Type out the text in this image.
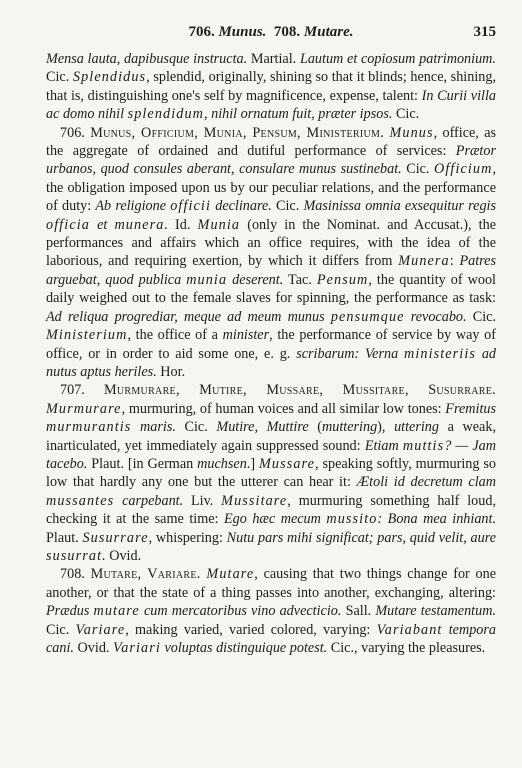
706. Munus. 708. Mutare.	315

Mensa lauta, dapibusque instructa. Martial. Lautum et copiosum patrimonium. Cic. Splendidus, splendid, originally, shining so that it blinds; hence, shining, that is, distinguishing one's self by magnificence, expense, talent: In Curii villa ac domo nihil splendidum, nihil ornatum fuit, præter ipsos. Cic.

706. Munus, Officium, Munia, Pensum, Ministerium. Munus, office, as the aggregate of ordained and dutiful performance of services: Prætor urbanos, quod consules aberant, consulare munus sustinebat. Cic. Officium, the obligation imposed upon us by our peculiar relations, and the performance of duty: Ab religione officii declinare. Cic. Masinissa omnia exsequitur regis officia et munera. Id. Munia (only in the Nominat. and Accusat.), the performances and affairs which an office requires, with the idea of the laborious, and requiring exertion, by which it differs from Munera: Patres arguebat, quod publica munia deserent. Tac. Pensum, the quantity of wool daily weighed out to the female slaves for spinning, the performance as task: Ad reliqua progrediar, meque ad meum munus pensumque revocabo. Cic. Ministerium, the office of a minister, the performance of service by way of office, or in order to aid some one, e. g. scribarum: Verna ministeriis ad nutus aptus heriles. Hor.

707. Murmurare, Mutire, Mussare, Mussitare, Susurrare. Murmurare, murmuring, of human voices and all similar low tones: Fremitus murmurantis maris. Cic. Mutire, Muttire (muttering), uttering a weak, inarticulated, yet immediately again suppressed sound: Etiam muttis? — Jam tacebo. Plaut. [in German muchsen.] Mussare, speaking softly, murmuring so low that hardly any one but the utterer can hear it: Ætoli id decretum clam mussantes carpebant. Liv. Mussitare, murmuring something half loud, checking it at the same time: Ego hæc mecum mussito: Bona mea inhiant. Plaut. Susurrare, whispering: Nutu pars mihi significat; pars, quid velit, aure susurrat. Ovid.

708. Mutare, Variare. Mutare, causing that two things change for one another, or that the state of a thing passes into another, exchanging, altering: Prædus mutare cum mercatoribus vino advecticio. Sall. Mutare testamentum. Cic. Variare, making varied, varied colored, varying: Variabant tempora cani. Ovid. Variari voluptas distinguique potest. Cic., varying the pleasures.
